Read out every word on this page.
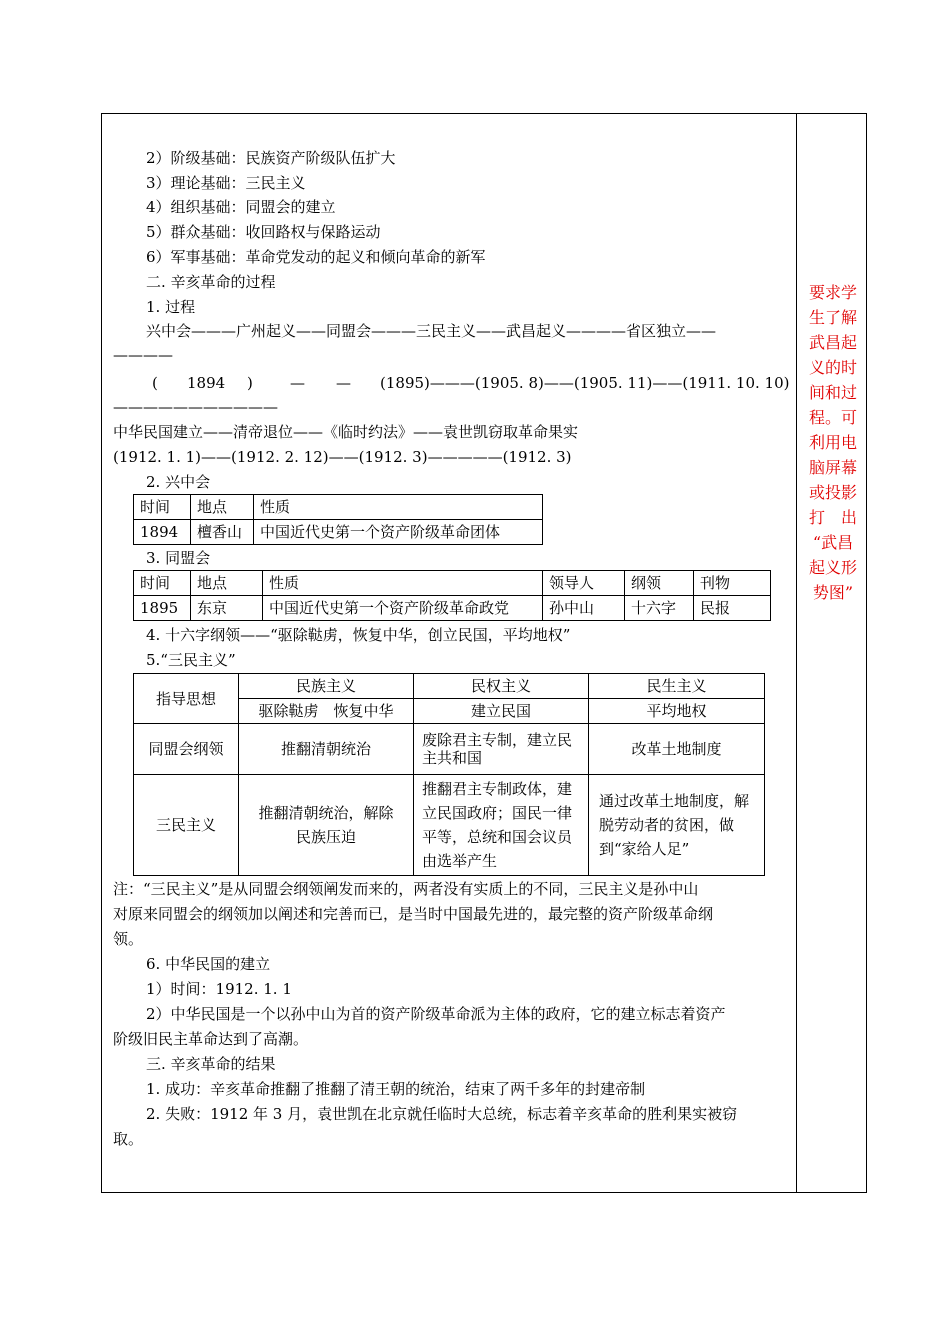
2）阶级基础：民族资产阶级队伍扩大
3）理论基础：三民主义
4）组织基础：同盟会的建立
5）群众基础：收回路权与保路运动
6）军事基础：革命党发动的起义和倾向革命的新军
二. 辛亥革命的过程
1. 过程
兴中会———广州起义——同盟会———三民主义——武昌起义————省区独立——
————
( 1894 ) — — (1895)———(1905. 8)——(1905. 11)——(1911. 10. 10)
———————————
中华民国建立——清帝退位——《临时约法》——袁世凯窃取革命果实
(1912. 1. 1)——(1912. 2. 12)——(1912. 3)—————(1912. 3)
2. 兴中会
时间	地点	性质
1894	檀香山	中国近代史第一个资产阶级革命团体
3. 同盟会
时间	地点	性质	领导人	纲领	刊物
1895	东京	中国近代史第一个资产阶级革命政党	孙中山	十六字	民报
4. 十六字纲领——“驱除鞑虏，恢复中华，创立民国，平均地权”
5.“三民主义”
指导思想	民族主义	民权主义	民生主义
	驱除鞑虏　恢复中华	建立民国	平均地权
同盟会纲领	推翻清朝统治	废除君主专制，建立民主共和国	改革土地制度
三民主义	推翻清朝统治，解除民族压迫	推翻君主专制政体，建立民国政府；国民一律平等，总统和国会议员由选举产生	通过改革土地制度，解脱劳动者的贫困，做到“家给人足”
注：“三民主义”是从同盟会纲领阐发而来的，两者没有实质上的不同，三民主义是孙中山
对原来同盟会的纲领加以阐述和完善而已，是当时中国最先进的，最完整的资产阶级革命纲
领。
6. 中华民国的建立
1）时间：1912. 1. 1
2）中华民国是一个以孙中山为首的资产阶级革命派为主体的政府，它的建立标志着资产
阶级旧民主革命达到了高潮。
三. 辛亥革命的结果
1. 成功：辛亥革命推翻了推翻了清王朝的统治，结束了两千多年的封建帝制
2. 失败：1912 年 3 月，袁世凯在北京就任临时大总统，标志着辛亥革命的胜利果实被窃
取。
要求学
生了解
武昌起
义的时
间和过
程。可
利用电
脑屏幕
或投影
打　出
“武昌
起义形
势图”
